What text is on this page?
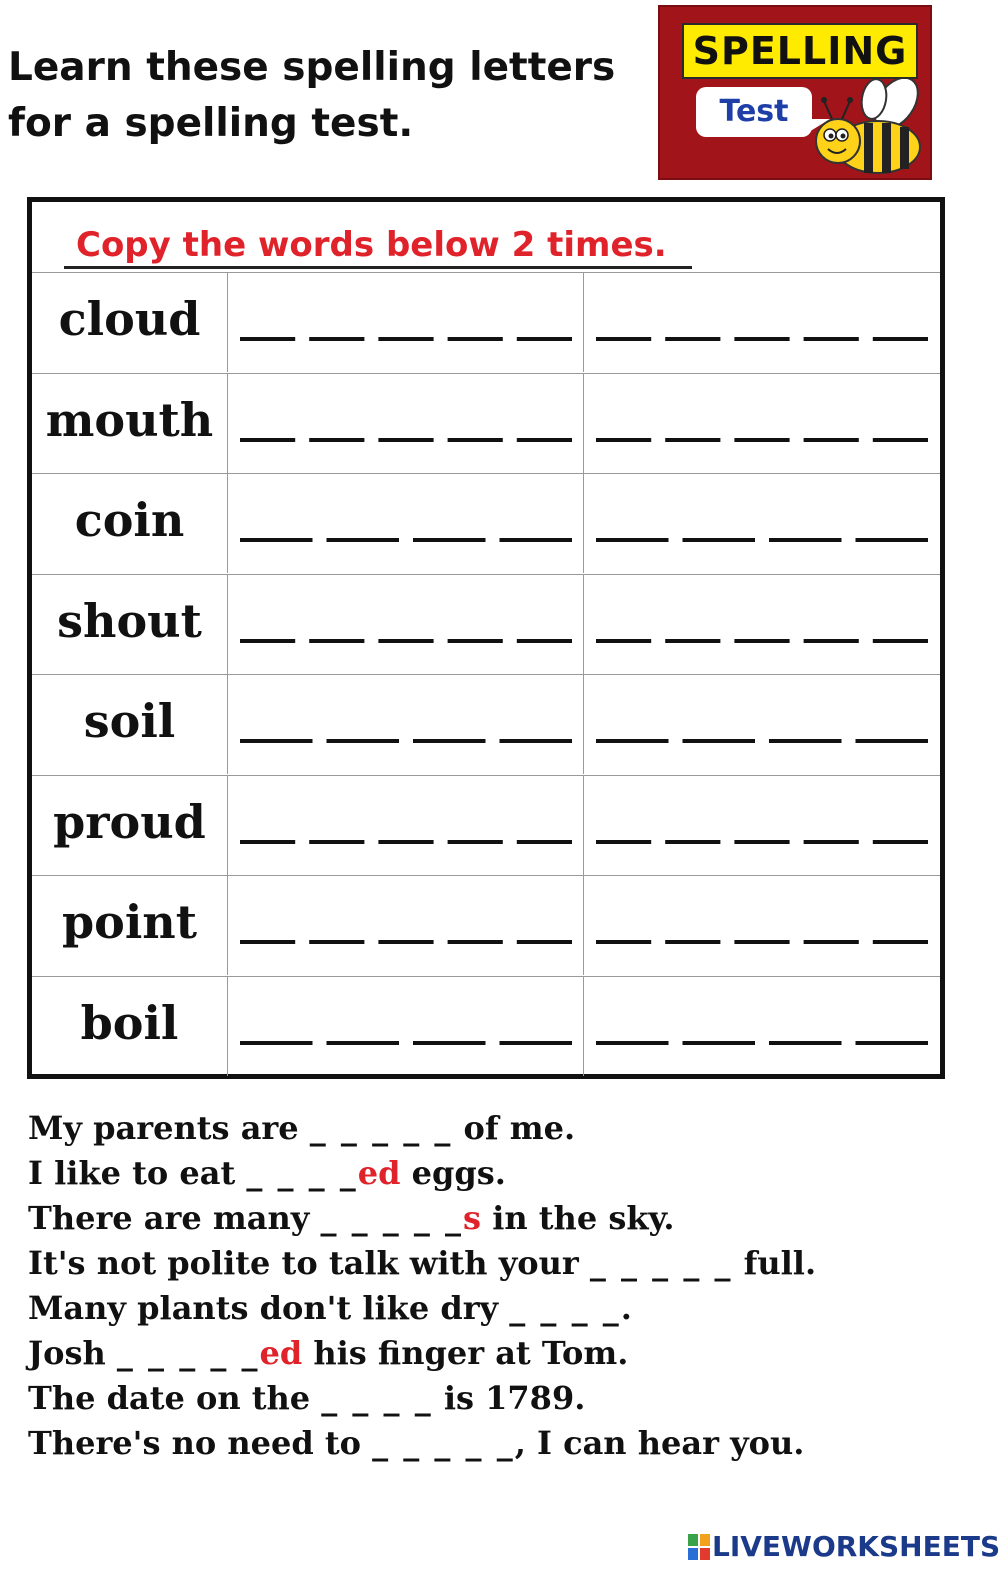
Learn these spelling letters
for a spelling test.
SPELLING
Test
Copy the words below 2 times.
cloud
mouth
coin
shout
soil
proud
point
boil
My parents are _ _ _ _ _ of me.
I like to eat _ _ _ _ed eggs.
There are many _ _ _ _ _s in the sky.
It's not polite to talk with your _ _ _ _ _ full.
Many plants don't like dry _ _ _ _.
Josh _ _ _ _ _ed his finger at Tom.
The date on the _ _ _ _ is 1789.
There's no need to _ _ _ _ _, I can hear you.
LIVEWORKSHEETS
